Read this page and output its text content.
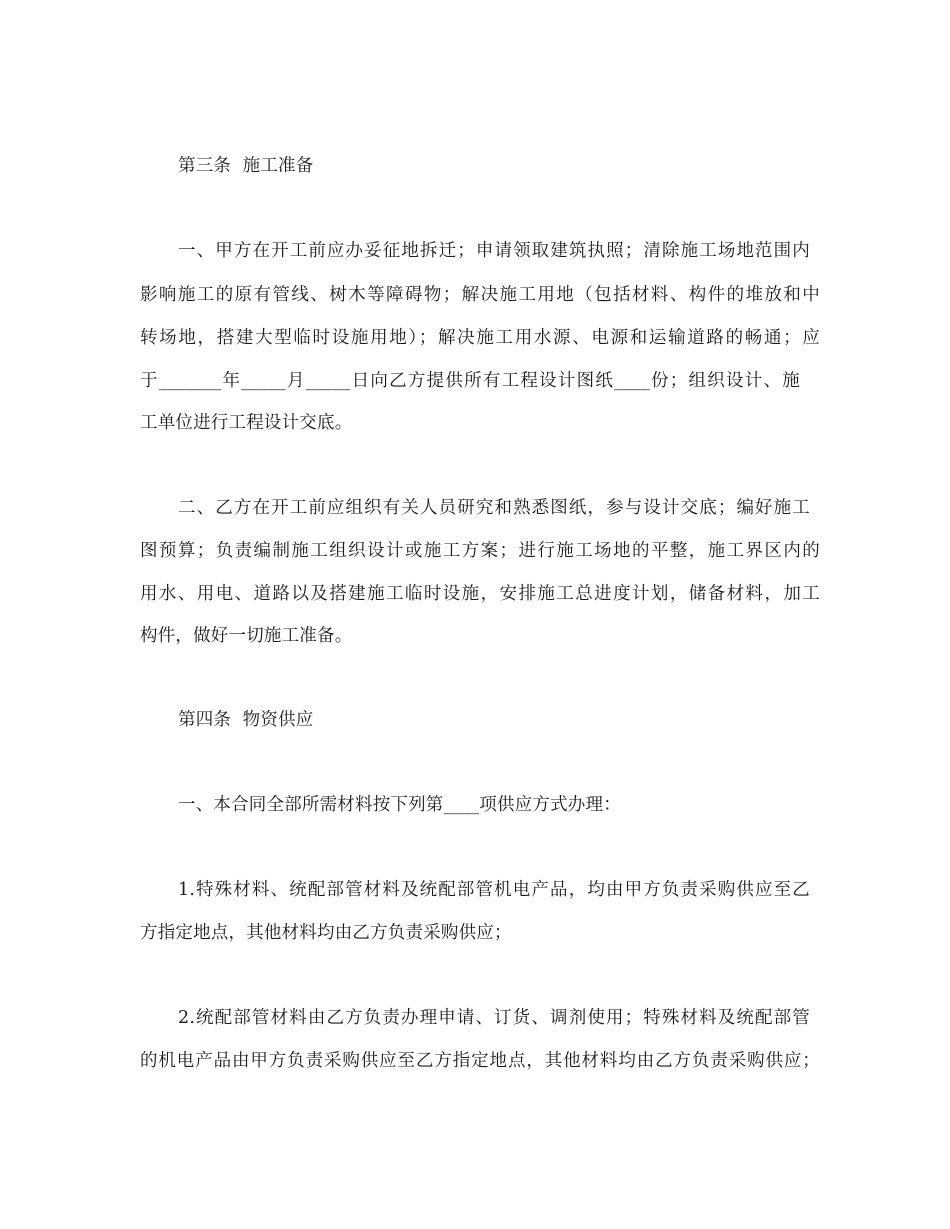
第三条  施工准备
一、甲方在开工前应办妥征地拆迁；申请领取建筑执照；清除施工场地范围内
影响施工的原有管线、树木等障碍物；解决施工用地（包括材料、构件的堆放和中
转场地，搭建大型临时设施用地）；解决施工用水源、电源和运输道路的畅通；应
于_______年_____月_____日向乙方提供所有工程设计图纸____份；组织设计、施
工单位进行工程设计交底。
二、乙方在开工前应组织有关人员研究和熟悉图纸，参与设计交底；编好施工
图预算；负责编制施工组织设计或施工方案；进行施工场地的平整，施工界区内的
用水、用电、道路以及搭建施工临时设施，安排施工总进度计划，储备材料，加工
构件，做好一切施工准备。
第四条  物资供应
一、本合同全部所需材料按下列第____项供应方式办理：
1.特殊材料、统配部管材料及统配部管机电产品，均由甲方负责采购供应至乙
方指定地点，其他材料均由乙方负责采购供应；
2.统配部管材料由乙方负责办理申请、订货、调剂使用；特殊材料及统配部管
的机电产品由甲方负责采购供应至乙方指定地点，其他材料均由乙方负责采购供应；
